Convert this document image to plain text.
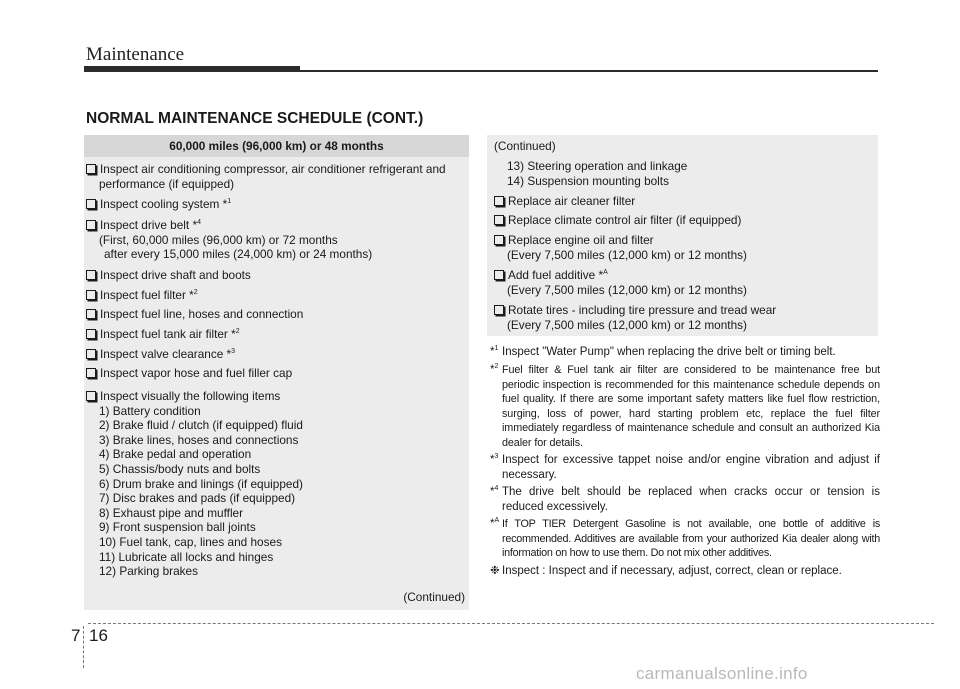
Maintenance
NORMAL MAINTENANCE SCHEDULE (CONT.)
60,000 miles (96,000 km) or 48 months
Inspect air conditioning compressor, air conditioner refrigerant and
performance (if equipped)
Inspect cooling system *$^1$
Inspect drive belt *$^4$
(First, 60,000 miles (96,000 km) or 72 months
after every 15,000 miles (24,000 km) or 24 months)
Inspect drive shaft and boots
Inspect fuel filter *$^2$
Inspect fuel line, hoses and connection
Inspect fuel tank air filter *$^2$
Inspect valve clearance *$^3$
Inspect vapor hose and fuel filler cap
Inspect visually the following items
1) Battery condition
2) Brake fluid / clutch (if equipped) fluid
3) Brake lines, hoses and connections
4) Brake pedal and operation
5) Chassis/body nuts and bolts
6) Drum brake and linings (if equipped)
7) Disc brakes and pads (if equipped)
8) Exhaust pipe and muffler
9) Front suspension ball joints
10) Fuel tank, cap, lines and hoses
11) Lubricate all locks and hinges
12) Parking brakes
(Continued)
(Continued)
13) Steering operation and linkage
14) Suspension mounting bolts
Replace air cleaner filter
Replace climate control air filter (if equipped)
Replace engine oil and filter
(Every 7,500 miles (12,000 km) or 12 months)
Add fuel additive *$^A$
(Every 7,500 miles (12,000 km) or 12 months)
Rotate tires - including tire pressure and tread wear
(Every 7,500 miles (12,000 km) or 12 months)
*$^1$ Inspect "Water Pump" when replacing the drive belt or timing belt.
*$^2$ Fuel filter & Fuel tank air filter are considered to be maintenance free but periodic inspection is recommended for this maintenance schedule depends on fuel quality. If there are some important safety matters like fuel flow restriction, surging, loss of power, hard starting problem etc, replace the fuel filter immediately regardless of maintenance schedule and consult an authorized Kia dealer for details.
*$^3$ Inspect for excessive tappet noise and/or engine vibration and adjust if necessary.
*$^4$ The drive belt should be replaced when cracks occur or tension is reduced excessively.
*$^A$ If TOP TIER Detergent Gasoline is not available, one bottle of additive is recommended. Additives are available from your authorized Kia dealer along with information on how to use them. Do not mix other additives.
❉ Inspect : Inspect and if necessary, adjust, correct, clean or replace.
7 16
carmanualsonline.info
